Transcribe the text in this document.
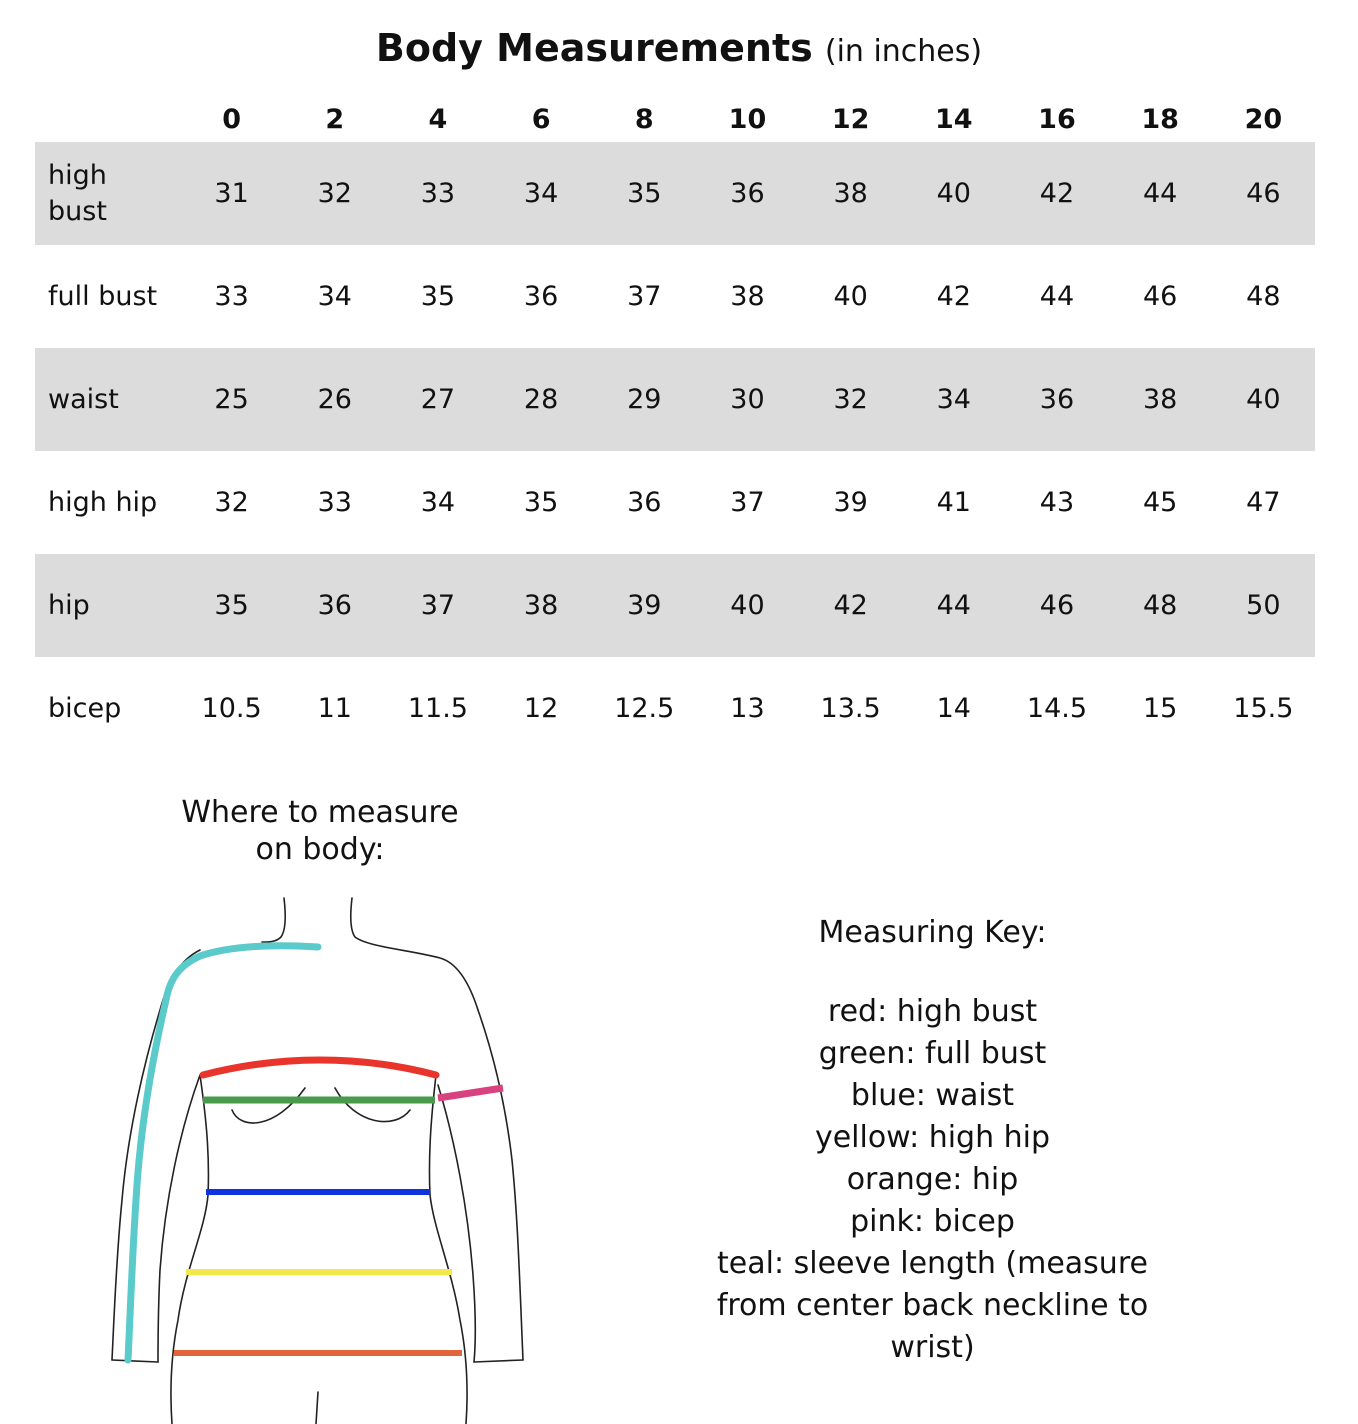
Body Measurements (in inches)
	0	2	4	6	8	10	12	14	16	18	20

high
bust	31	32	33	34	35	36	38	40	42	44	46

full bust	33	34	35	36	37	38	40	42	44	46	48

waist	25	26	27	28	29	30	32	34	36	38	40

high hip	32	33	34	35	36	37	39	41	43	45	47

hip	35	36	37	38	39	40	42	44	46	48	50

bicep	10.5	11	11.5	12	12.5	13	13.5	14	14.5	15	15.5
Where to measure
on body:
Measuring Key:
red: high bust
green: full bust
blue: waist
yellow: high hip
orange: hip
pink: bicep
teal: sleeve length (measure
from center back neckline to
wrist)
